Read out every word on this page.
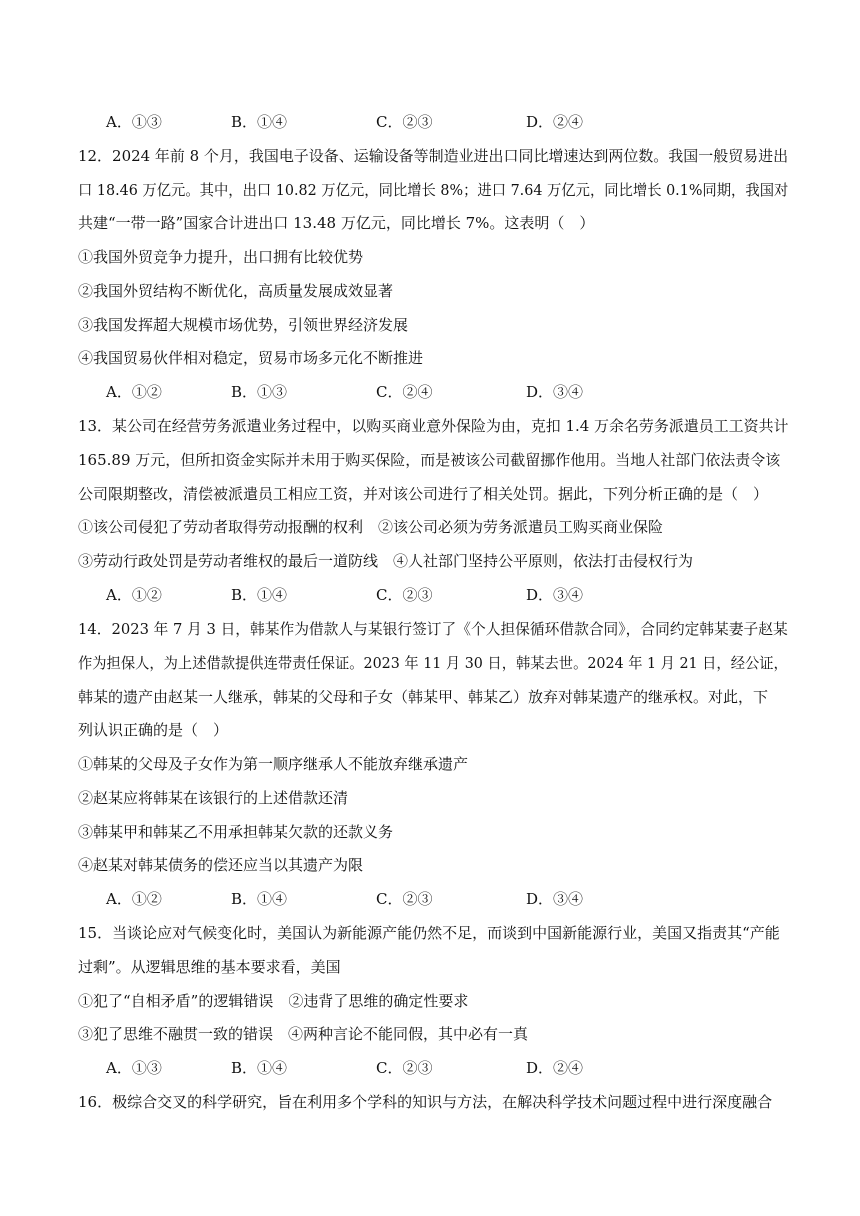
A．①③	B．①④	C．②③	D．②④
12．2024 年前 8 个月，我国电子设备、运输设备等制造业进出口同比增速达到两位数。我国一般贸易进出
口 18.46 万亿元。其中，出口 10.82 万亿元，同比增长 8%；进口 7.64 万亿元，同比增长 0.1%同期，我国对
共建“一带一路”国家合计进出口 13.48 万亿元，同比增长 7%。这表明（　）
①我国外贸竞争力提升，出口拥有比较优势
②我国外贸结构不断优化，高质量发展成效显著
③我国发挥超大规模市场优势，引领世界经济发展
④我国贸易伙伴相对稳定，贸易市场多元化不断推进
A．①②	B．①③	C．②④	D．③④
13．某公司在经营劳务派遣业务过程中，以购买商业意外保险为由，克扣 1.4 万余名劳务派遣员工工资共计
165.89 万元，但所扣资金实际并未用于购买保险，而是被该公司截留挪作他用。当地人社部门依法责令该
公司限期整改，清偿被派遣员工相应工资，并对该公司进行了相关处罚。据此，下列分析正确的是（　）
①该公司侵犯了劳动者取得劳动报酬的权利　②该公司必须为劳务派遣员工购买商业保险
③劳动行政处罚是劳动者维权的最后一道防线　④人社部门坚持公平原则，依法打击侵权行为
A．①②	B．①④	C．②③	D．③④
14．2023 年 7 月 3 日，韩某作为借款人与某银行签订了《个人担保循环借款合同》，合同约定韩某妻子赵某
作为担保人，为上述借款提供连带责任保证。2023 年 11 月 30 日，韩某去世。2024 年 1 月 21 日，经公证，
韩某的遗产由赵某一人继承，韩某的父母和子女（韩某甲、韩某乙）放弃对韩某遗产的继承权。对此，下
列认识正确的是（　）
①韩某的父母及子女作为第一顺序继承人不能放弃继承遗产
②赵某应将韩某在该银行的上述借款还清
③韩某甲和韩某乙不用承担韩某欠款的还款义务
④赵某对韩某债务的偿还应当以其遗产为限
A．①②	B．①④	C．②③	D．③④
15．当谈论应对气候变化时，美国认为新能源产能仍然不足，而谈到中国新能源行业，美国又指责其“产能
过剩”。从逻辑思维的基本要求看，美国
①犯了“自相矛盾”的逻辑错误　②违背了思维的确定性要求
③犯了思维不融贯一致的错误　④两种言论不能同假，其中必有一真
A．①③	B．①④	C．②③	D．②④
16．极综合交叉的科学研究，旨在利用多个学科的知识与方法，在解决科学技术问题过程中进行深度融合
